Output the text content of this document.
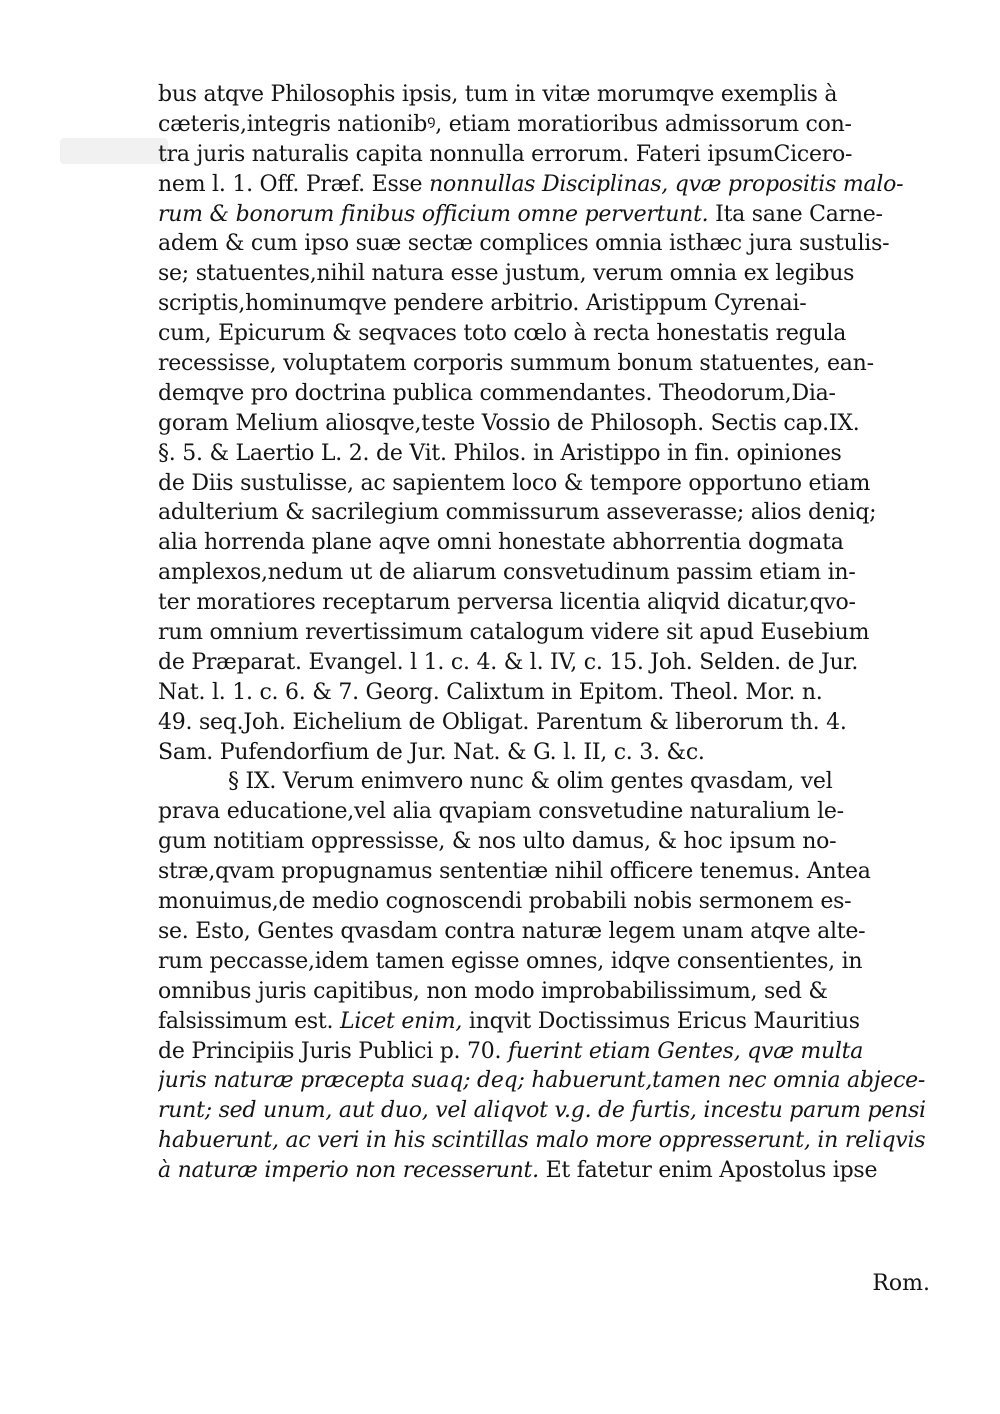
bus atqve Philosophis ipsis, tum in vitæ morumqve exemplis à
cæteris,integris nationibꝰ, etiam moratioribus admissorum con-
tra juris naturalis capita nonnulla errorum. Fateri ipsumCicero-
nem l. 1. Off. Præf. Esse nonnullas Disciplinas, qvæ propositis malo-
rum & bonorum finibus officium omne pervertunt. Ita sane Carne-
adem & cum ipso suæ sectæ complices omnia isthæc jura sustulis-
se; statuentes,nihil natura esse justum, verum omnia ex legibus
scriptis,hominumqve pendere arbitrio. Aristippum Cyrenai-
cum, Epicurum & seqvaces toto cœlo à recta honestatis regula
recessisse, voluptatem corporis summum bonum statuentes, ean-
demqve pro doctrina publica commendantes. Theodorum,Dia-
goram Melium aliosqve,teste Vossio de Philosoph. Sectis cap.IX.
§. 5. & Laertio L. 2. de Vit. Philos. in Aristippo in fin. opiniones
de Diis sustulisse, ac sapientem loco & tempore opportuno etiam
adulterium & sacrilegium commissurum asseverasse; alios deniq;
alia horrenda plane aqve omni honestate abhorrentia dogmata
amplexos,nedum ut de aliarum consvetudinum passim etiam in-
ter moratiores receptarum perversa licentia aliqvid dicatur,qvo-
rum omnium revertissimum catalogum videre sit apud Eusebium
de Præparat. Evangel. l 1. c. 4. & l. IV, c. 15. Joh. Selden. de Jur.
Nat. l. 1. c. 6. & 7. Georg. Calixtum in Epitom. Theol. Mor. n.
49. seq.Joh. Eichelium de Obligat. Parentum & liberorum th. 4.
Sam. Pufendorfium de Jur. Nat. & G. l. II, c. 3. &c.
§ IX. Verum enimvero nunc & olim gentes qvasdam, vel
prava educatione,vel alia qvapiam consvetudine naturalium le-
gum notitiam oppressisse, & nos ulto damus, & hoc ipsum no-
stræ,qvam propugnamus sententiæ nihil officere tenemus. Antea
monuimus,de medio cognoscendi probabili nobis sermonem es-
se. Esto, Gentes qvasdam contra naturæ legem unam atqve alte-
rum peccasse,idem tamen egisse omnes, idqve consentientes, in
omnibus juris capitibus, non modo improbabilissimum, sed &
falsissimum est. Licet enim, inqvit Doctissimus Ericus Mauritius
de Principiis Juris Publici p. 70. fuerint etiam Gentes, qvæ multa
juris naturæ præcepta suaq; deq; habuerunt,tamen nec omnia abjece-
runt; sed unum, aut duo, vel aliqvot v.g. de furtis, incestu parum pensi
habuerunt, ac veri in his scintillas malo more oppresserunt, in reliqvis
à naturæ imperio non recesserunt. Et fatetur enim Apostolus ipse
Rom.
